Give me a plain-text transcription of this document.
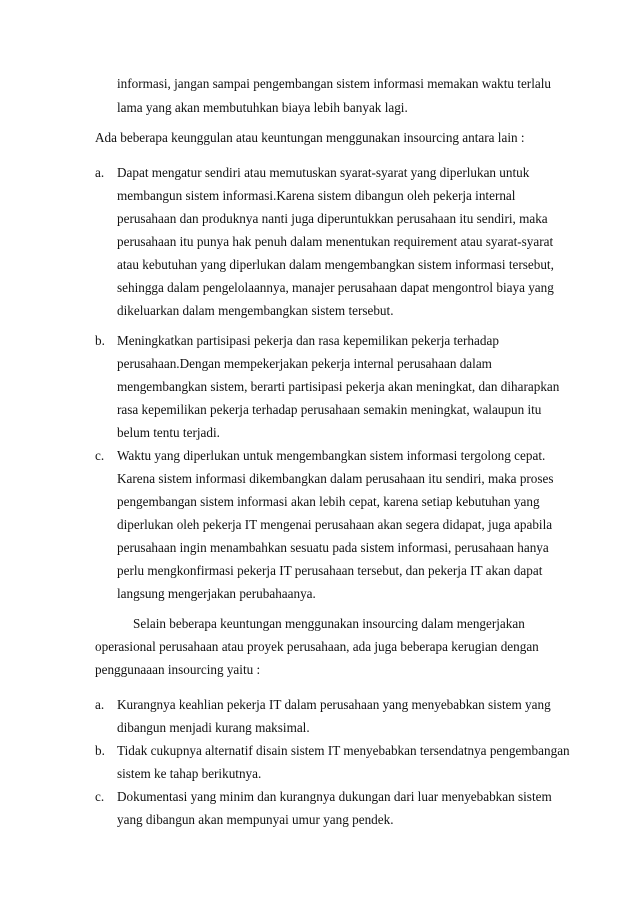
informasi, jangan sampai pengembangan sistem informasi memakan waktu terlalu
lama yang akan membutuhkan biaya lebih banyak lagi.
Ada beberapa keunggulan atau keuntungan menggunakan insourcing antara lain :
a. Dapat mengatur sendiri atau memutuskan syarat-syarat yang diperlukan untuk
membangun sistem informasi.Karena sistem dibangun oleh pekerja internal
perusahaan dan produknya nanti juga diperuntukkan perusahaan itu sendiri, maka
perusahaan itu punya hak penuh dalam menentukan requirement atau syarat-syarat
atau kebutuhan yang diperlukan dalam mengembangkan sistem informasi tersebut,
sehingga dalam pengelolaannya, manajer perusahaan dapat mengontrol biaya yang
dikeluarkan dalam mengembangkan sistem tersebut.
b. Meningkatkan partisipasi pekerja dan rasa kepemilikan pekerja terhadap
perusahaan.Dengan mempekerjakan pekerja internal perusahaan dalam
mengembangkan sistem, berarti partisipasi pekerja akan meningkat, dan diharapkan
rasa kepemilikan pekerja terhadap perusahaan semakin meningkat, walaupun itu
belum tentu terjadi.
c. Waktu yang diperlukan untuk mengembangkan sistem informasi tergolong cepat.
Karena sistem informasi dikembangkan dalam perusahaan itu sendiri, maka proses
pengembangan sistem informasi akan lebih cepat, karena setiap kebutuhan yang
diperlukan oleh pekerja IT mengenai perusahaan akan segera didapat, juga apabila
perusahaan ingin menambahkan sesuatu pada sistem informasi, perusahaan hanya
perlu mengkonfirmasi pekerja IT perusahaan tersebut, dan pekerja IT akan dapat
langsung mengerjakan perubahaanya.
Selain beberapa keuntungan menggunakan insourcing dalam mengerjakan
operasional perusahaan atau proyek perusahaan, ada juga beberapa kerugian dengan
penggunaaan insourcing yaitu :
a. Kurangnya keahlian pekerja IT dalam perusahaan yang menyebabkan sistem yang
dibangun menjadi kurang maksimal.
b. Tidak cukupnya alternatif disain sistem IT menyebabkan tersendatnya pengembangan
sistem ke tahap berikutnya.
c. Dokumentasi yang minim dan kurangnya dukungan dari luar menyebabkan sistem
yang dibangun akan mempunyai umur yang pendek.
